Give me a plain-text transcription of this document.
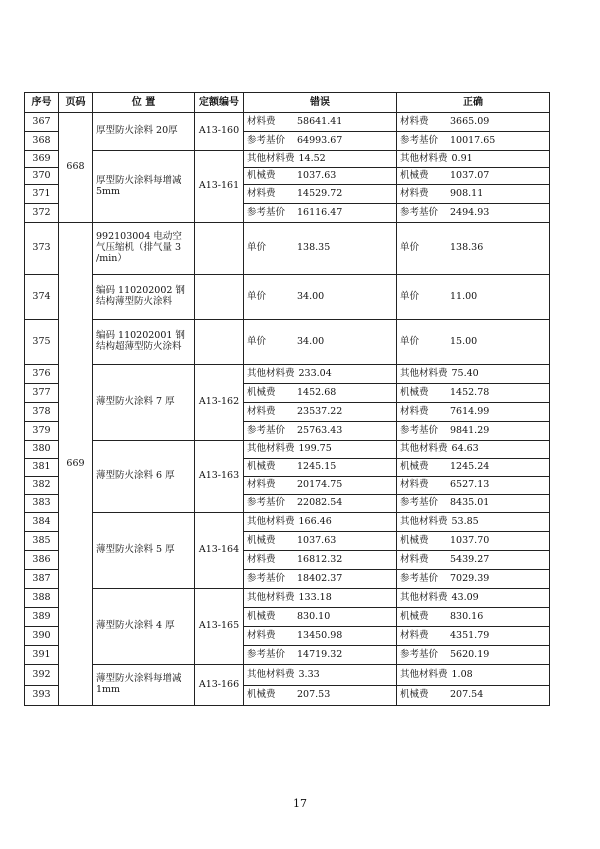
序号	页码	位 置	定额编号	错误	正确
367	668	厚型防火涂料 20厚	A13-160	材料费 58641.41	材料费 3665.09
368				参考基价 64993.67	参考基价 10017.65
369		厚型防火涂料每增减 5mm	A13-161	其他材料费 14.52	其他材料费 0.91
370				机械费 1037.63	机械费 1037.07
371				材料费 14529.72	材料费 908.11
372				参考基价 16116.47	参考基价 2494.93
373	669	992103004 电动空气压缩机（排气量 3 /min）		单价 138.35	单价 138.36
374		编码 110202002 钢结构薄型防火涂料		单价 34.00	单价 11.00
375		编码 110202001 钢结构超薄型防火涂料		单价 34.00	单价 15.00
376		薄型防火涂料 7 厚	A13-162	其他材料费 233.04	其他材料费 75.40
377				机械费 1452.68	机械费 1452.78
378				材料费 23537.22	材料费 7614.99
379				参考基价 25763.43	参考基价 9841.29
380		薄型防火涂料 6 厚	A13-163	其他材料费 199.75	其他材料费 64.63
381				机械费 1245.15	机械费 1245.24
382				材料费 20174.75	材料费 6527.13
383				参考基价 22082.54	参考基价 8435.01
384		薄型防火涂料 5 厚	A13-164	其他材料费 166.46	其他材料费 53.85
385				机械费 1037.63	机械费 1037.70
386				材料费 16812.32	材料费 5439.27
387				参考基价 18402.37	参考基价 7029.39
388		薄型防火涂料 4 厚	A13-165	其他材料费 133.18	其他材料费 43.09
389				机械费 830.10	机械费 830.16
390				材料费 13450.98	材料费 4351.79
391				参考基价 14719.32	参考基价 5620.19
392		薄型防火涂料每增减 1mm	A13-166	其他材料费 3.33	其他材料费 1.08
393				机械费 207.53	机械费 207.54
17
